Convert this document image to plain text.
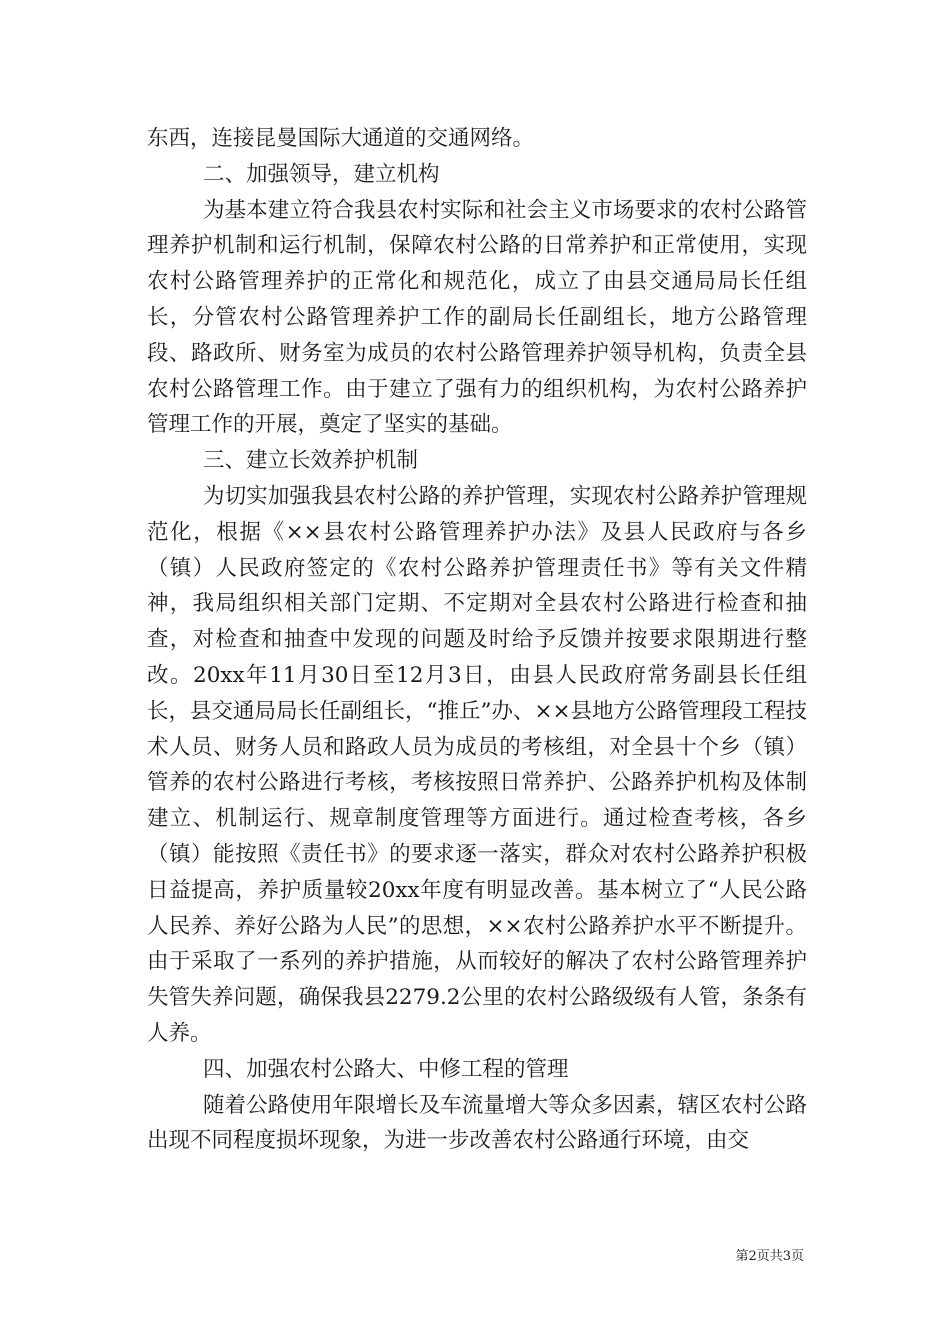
东西，连接昆曼国际大通道的交通网络。

二、加强领导，建立机构

为基本建立符合我县农村实际和社会主义市场要求的农村公路管理养护机制和运行机制，保障农村公路的日常养护和正常使用，实现农村公路管理养护的正常化和规范化，成立了由县交通局局长任组长，分管农村公路管理养护工作的副局长任副组长，地方公路管理段、路政所、财务室为成员的农村公路管理养护领导机构，负责全县农村公路管理工作。由于建立了强有力的组织机构，为农村公路养护管理工作的开展，奠定了坚实的基础。

三、建立长效养护机制

为切实加强我县农村公路的养护管理，实现农村公路养护管理规范化，根据《××县农村公路管理养护办法》及县人民政府与各乡（镇）人民政府签定的《农村公路养护管理责任书》等有关文件精神，我局组织相关部门定期、不定期对全县农村公路进行检查和抽查，对检查和抽查中发现的问题及时给予反馈并按要求限期进行整改。20xx年11月30日至12月3日，由县人民政府常务副县长任组长，县交通局局长任副组长，“推丘”办、××县地方公路管理段工程技术人员、财务人员和路政人员为成员的考核组，对全县十个乡（镇）管养的农村公路进行考核，考核按照日常养护、公路养护机构及体制建立、机制运行、规章制度管理等方面进行。通过检查考核，各乡（镇）能按照《责任书》的要求逐一落实，群众对农村公路养护积极日益提高，养护质量较20xx年度有明显改善。基本树立了“人民公路人民养、养好公路为人民”的思想，××农村公路养护水平不断提升。由于采取了一系列的养护措施，从而较好的解决了农村公路管理养护失管失养问题，确保我县2279.2公里的农村公路级级有人管，条条有人养。

四、加强农村公路大、中修工程的管理

随着公路使用年限增长及车流量增大等众多因素，辖区农村公路出现不同程度损坏现象，为进一步改善农村公路通行环境，由交

第2页共3页
